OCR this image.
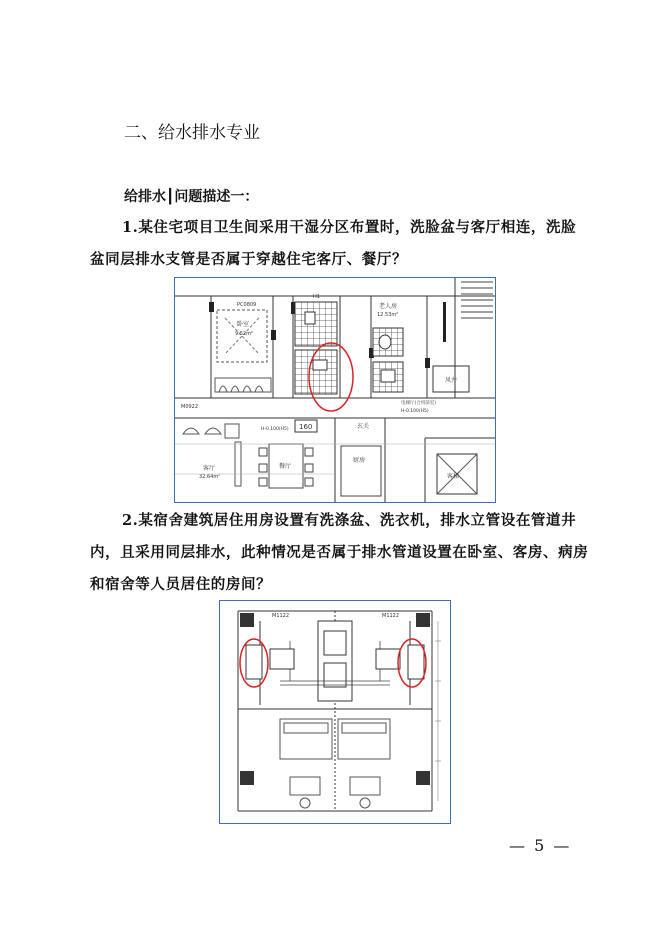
二、给水排水专业
给排水┃问题描述一：
1.某住宅项目卫生间采用干湿分区布置时，洗脸盆与客厅相连，洗脸盆同层排水支管是否属于穿越住宅客厅、餐厅？
卧室
9.52m²
PC0809
M0922
老人房
12.53m²
H1
风井
电梯厅(合用前室)
H-0.100(H5)
客厅
32.64m²
餐厅
160
H-0.100(H5)
厨房
玄关
客梯
2.某宿舍建筑居住用房设置有洗涤盆、洗衣机，排水立管设在管道井内，且采用同层排水，此种情况是否属于排水管道设置在卧室、客房、病房和宿舍等人员居住的房间？
M1122	M1122
— 5 —
